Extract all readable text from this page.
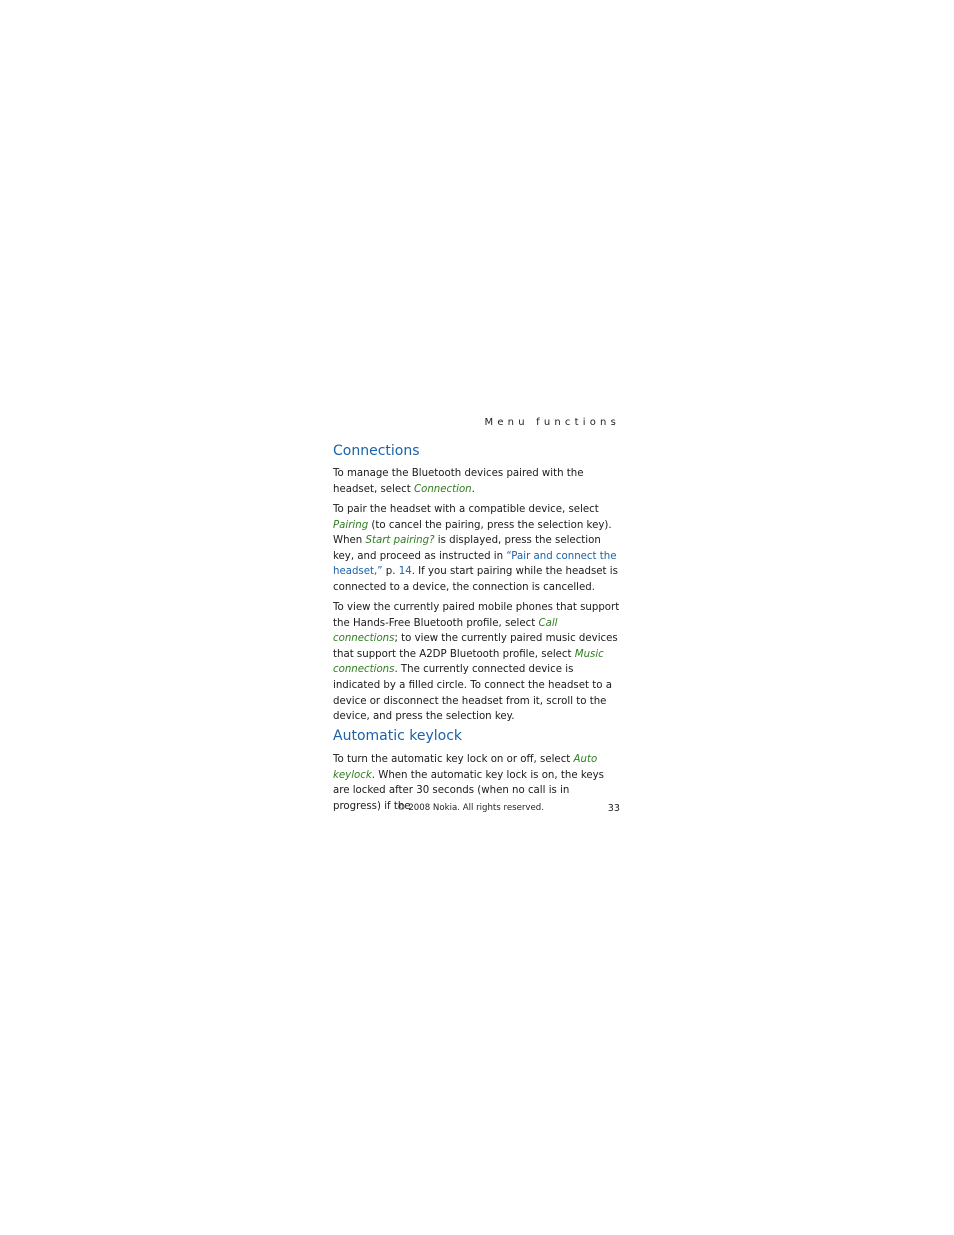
Menu functions
Connections

To manage the Bluetooth devices paired with the headset, select Connection.

To pair the headset with a compatible device, select Pairing (to cancel the pairing, press the selection key). When Start pairing? is displayed, press the selection key, and proceed as instructed in “Pair and connect the headset,” p. 14. If you start pairing while the headset is connected to a device, the connection is cancelled.

To view the currently paired mobile phones that support the Hands-Free Bluetooth profile, select Call connections; to view the currently paired music devices that support the A2DP Bluetooth profile, select Music connections. The currently connected device is indicated by a filled circle. To connect the headset to a device or disconnect the headset from it, scroll to the device, and press the selection key.

Automatic keylock

To turn the automatic key lock on or off, select Auto keylock. When the automatic key lock is on, the keys are locked after 30 seconds (when no call is in progress) if the

© 2008 Nokia. All rights reserved.	33
